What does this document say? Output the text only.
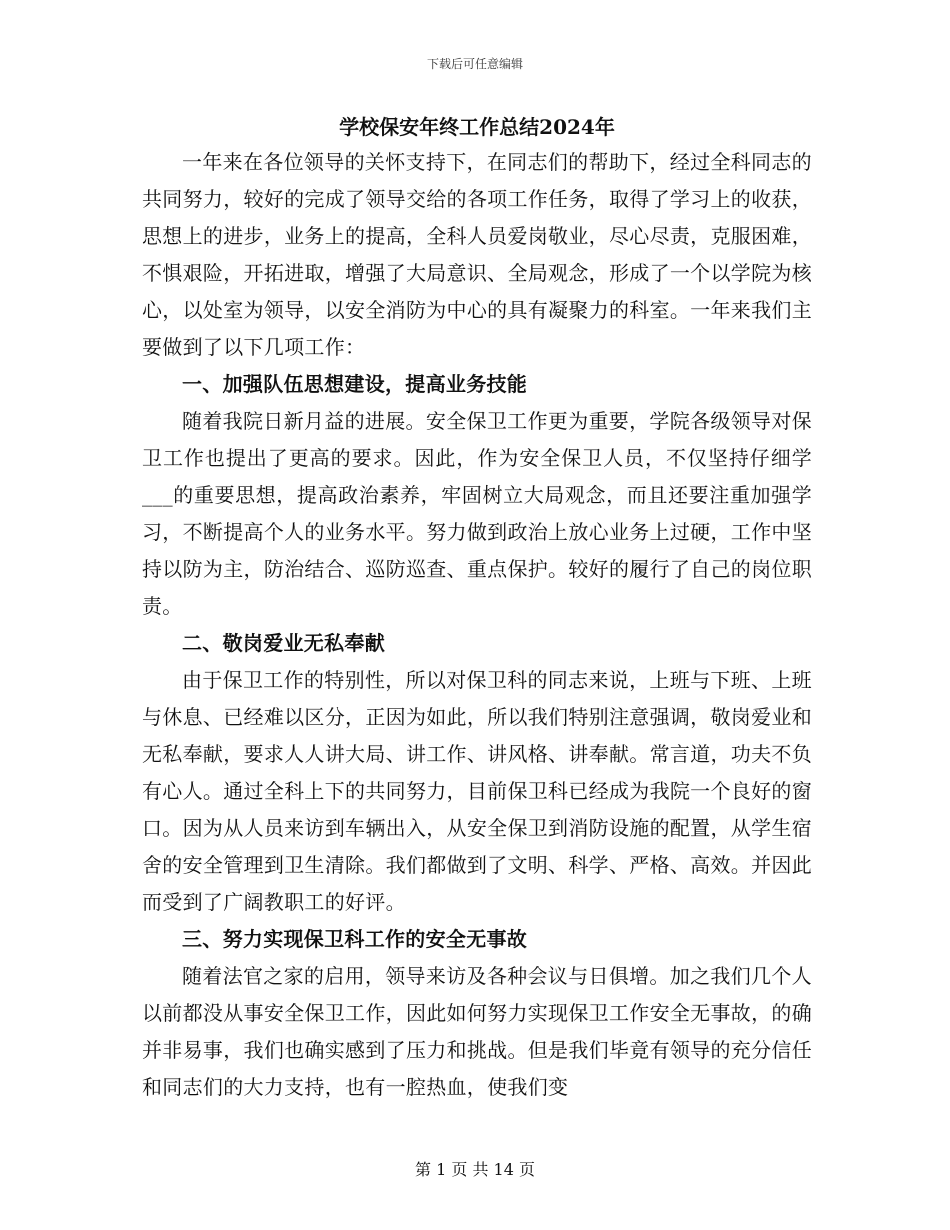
下载后可任意编辑
学校保安年终工作总结2024年

一年来在各位领导的关怀支持下，在同志们的帮助下，经过全科同志的共同努力，较好的完成了领导交给的各项工作任务，取得了学习上的收获，思想上的进步，业务上的提高，全科人员爱岗敬业，尽心尽责，克服困难，不惧艰险，开拓进取，增强了大局意识、全局观念，形成了一个以学院为核心，以处室为领导，以安全消防为中心的具有凝聚力的科室。一年来我们主要做到了以下几项工作：

一、加强队伍思想建设，提高业务技能

随着我院日新月益的进展。安全保卫工作更为重要，学院各级领导对保卫工作也提出了更高的要求。因此，作为安全保卫人员，不仅坚持仔细学___的重要思想，提高政治素养，牢固树立大局观念，而且还要注重加强学习，不断提高个人的业务水平。努力做到政治上放心业务上过硬，工作中坚持以防为主，防治结合、巡防巡查、重点保护。较好的履行了自己的岗位职责。

二、敬岗爱业无私奉献

由于保卫工作的特别性，所以对保卫科的同志来说，上班与下班、上班与休息、已经难以区分，正因为如此，所以我们特别注意强调，敬岗爱业和无私奉献，要求人人讲大局、讲工作、讲风格、讲奉献。常言道，功夫不负有心人。通过全科上下的共同努力，目前保卫科已经成为我院一个良好的窗口。因为从人员来访到车辆出入，从安全保卫到消防设施的配置，从学生宿舍的安全管理到卫生清除。我们都做到了文明、科学、严格、高效。并因此而受到了广阔教职工的好评。

三、努力实现保卫科工作的安全无事故

随着法官之家的启用，领导来访及各种会议与日俱增。加之我们几个人以前都没从事安全保卫工作，因此如何努力实现保卫工作安全无事故，的确并非易事，我们也确实感到了压力和挑战。但是我们毕竟有领导的充分信任和同志们的大力支持，也有一腔热血，使我们变

第 1 页 共 14 页
